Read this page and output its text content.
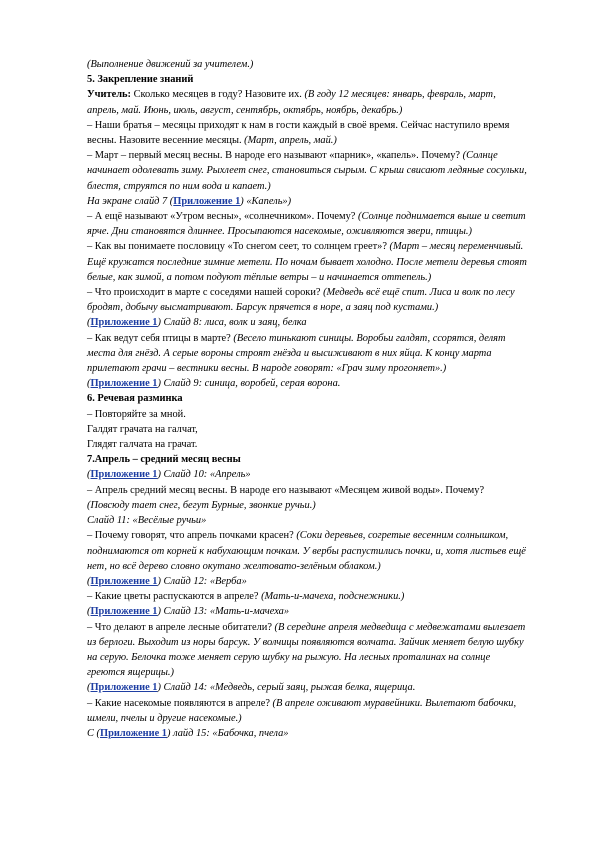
(Выполнение движений за учителем.)

5. Закрепление знаний

Учитель: Сколько месяцев в году? Назовите их. (В году 12 месяцев: январь, февраль, март, апрель, май. Июнь, июль, август, сентябрь, октябрь, ноябрь, декабрь.)

– Наши братья – месяцы приходят к нам в гости каждый в своё время. Сейчас наступило время весны. Назовите весенние месяцы. (Март, апрель, май.)

– Март – первый месяц весны. В народе его называют «парник», «капель». Почему? (Солнце начинает одолевать зиму. Рыхлеет снег, становиться сырым. С крыш свисают ледяные сосульки, блестя, струятся по ним вода и капает.)

На экране слайд 7 (Приложение 1) «Капель»)

– А ещё называют «Утром весны», «солнечником». Почему? (Солнце поднимается выше и светит ярче. Дни становятся длиннее. Просыпаются насекомые, оживляются звери, птицы.)

– Как вы понимаете пословицу «То снегом сеет, то солнцем греет»? (Март – месяц переменчивый. Ещё кружатся последние зимние метели. По ночам бывает холодно. После метели деревья стоят белые, как зимой, а потом подуют тёплые ветры – и начинается оттепель.)

– Что происходит в марте с соседями нашей сороки? (Медведь всё ещё спит. Лиса и волк по лесу бродят, добычу высматривают. Барсук прячется в норе, а заяц под кустами.)

(Приложение 1) Слайд 8: лиса, волк и заяц, белка

– Как ведут себя птицы в марте? (Весело тинькают синицы. Воробьи галдят, ссорятся, делят места для гнёзд. А серые вороны строят гнёзда и высиживают в них яйца. К концу марта прилетают грачи – вестники весны. В народе говорят: «Грач зиму прогоняет».)

(Приложение 1) Слайд 9: синица, воробей, серая ворона.

6. Речевая разминка

– Повторяйте за мной.

Галдят грачата на галчат,

Глядят галчата на грачат.

7.Апрель – средний месяц весны

(Приложение 1) Слайд 10: «Апрель»

– Апрель средний месяц весны. В народе его называют «Месяцем живой воды». Почему?

(Повсюду тает снег, бегут Бурные, звонкие ручьи.)

Слайд 11: «Весёлые ручьи»

– Почему говорят, что апрель почками красен? (Соки деревьев, согретые весенним солнышком, поднимаются от корней к набухающим почкам. У вербы распустились почки, и, хотя листьев ещё нет, но всё дерево словно окутано желтовато-зелёным облаком.)

(Приложение 1) Слайд 12: «Верба»

– Какие цветы распускаются в апреле? (Мать-и-мачеха, подснежники.)

(Приложение 1) Слайд 13: «Мать-и-мачеха»

– Что делают в апреле лесные обитатели? (В середине апреля медведица с медвежатами вылезает из берлоги. Выходит из норы барсук. У волчицы появляются волчата. Зайчик меняет белую шубку на серую. Белочка тоже меняет серую шубку на рыжую. На лесных проталинах на солнце греются ящерицы.)

(Приложение 1) Слайд 14: «Медведь, серый заяц, рыжая белка, ящерица.

– Какие насекомые появляются в апреле? (В апреле оживают муравейники. Вылетают бабочки, шмели, пчелы и другие насекомые.)

С (Приложение 1) лайд 15: «Бабочка, пчела»
